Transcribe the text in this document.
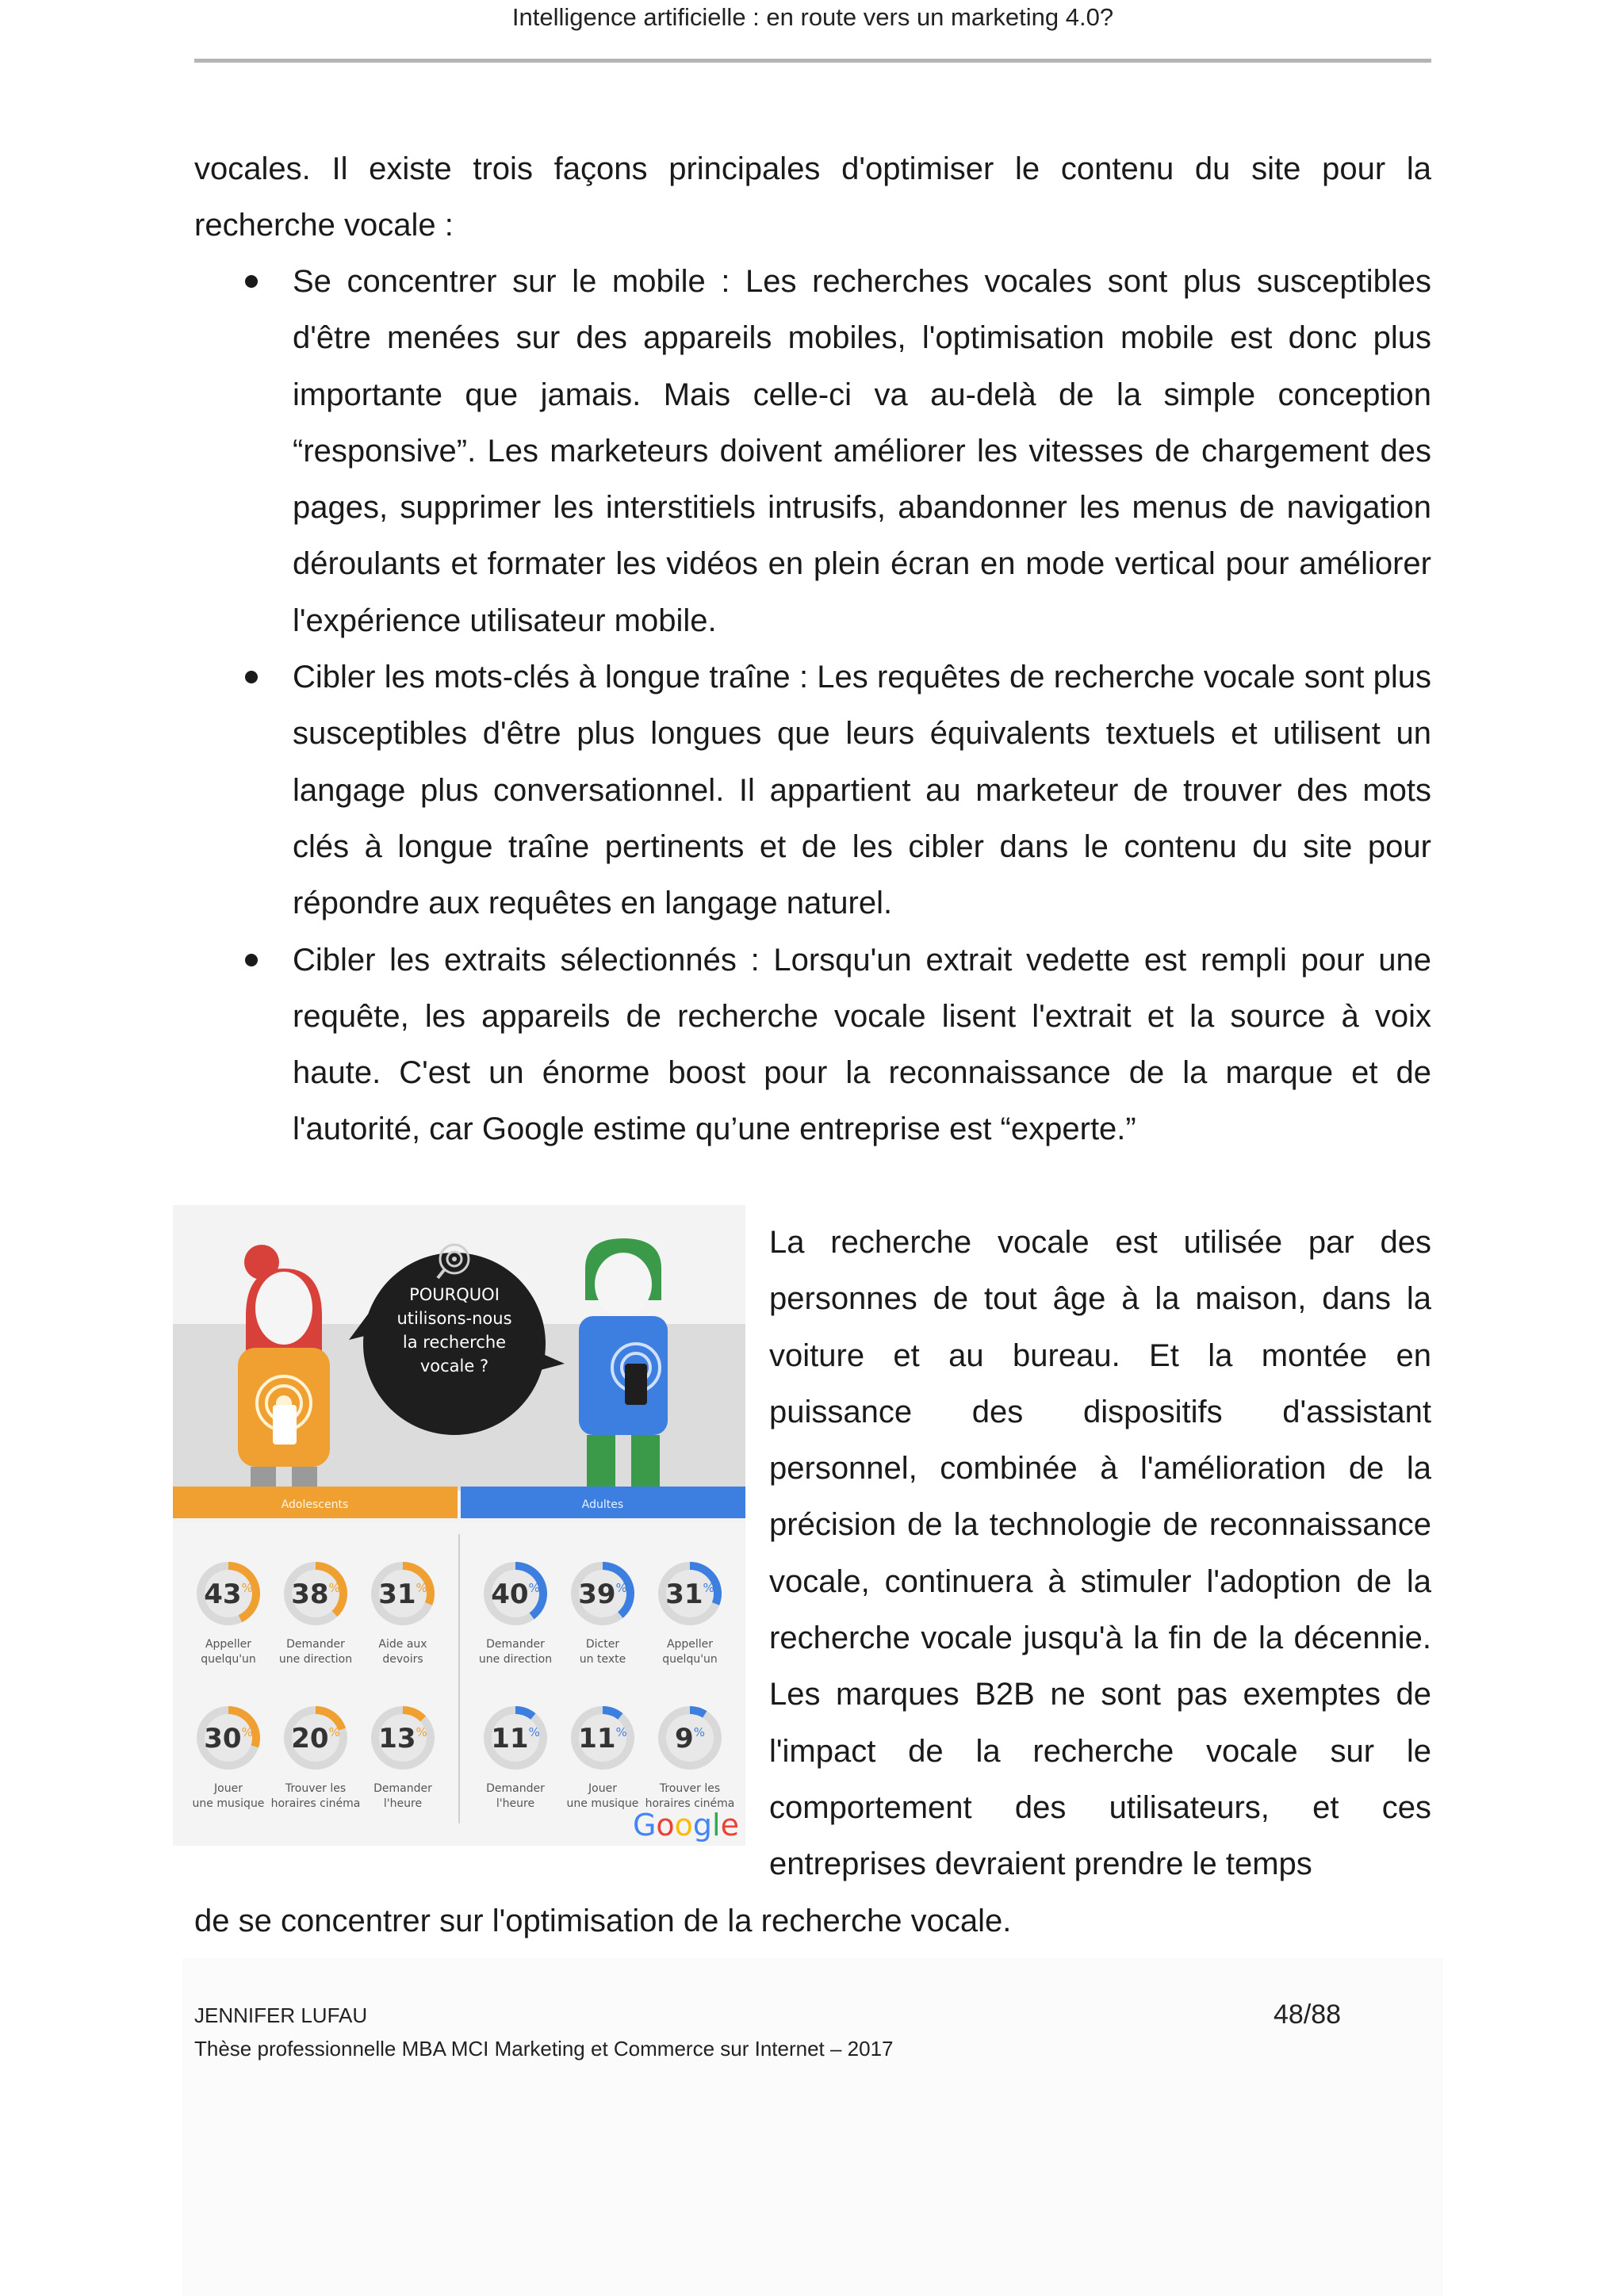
Intelligence artificielle : en route vers un marketing 4.0?

vocales. Il existe trois façons principales d'optimiser le contenu du site pour la recherche vocale :

Se concentrer sur le mobile : Les recherches vocales sont plus susceptibles d'être menées sur des appareils mobiles, l'optimisation mobile est donc plus importante que jamais. Mais celle-ci va au-delà de la simple conception “responsive”. Les marketeurs doivent améliorer les vitesses de chargement des pages, supprimer les interstitiels intrusifs, abandonner les menus de navigation déroulants et formater les vidéos en plein écran en mode vertical pour améliorer l'expérience utilisateur mobile.
Cibler les mots-clés à longue traîne : Les requêtes de recherche vocale sont plus susceptibles d'être plus longues que leurs équivalents textuels et utilisent un langage plus conversationnel. Il appartient au marketeur de trouver des mots clés à longue traîne pertinents et de les cibler dans le contenu du site pour répondre aux requêtes en langage naturel.
Cibler les extraits sélectionnés : Lorsqu'un extrait vedette est rempli pour une requête, les appareils de recherche vocale lisent l'extrait et la source à voix haute. C'est un énorme boost pour la reconnaissance de la marque et de l'autorité, car Google estime qu’une entreprise est “experte.”
POURQUOI utilisons-nous la recherche vocale ?
Adolescents	Adultes
43%
Appeller
quelqu'un
38%
Demander
une direction
31%
Aide aux
devoirs
30%
Jouer
une musique
20%
Trouver les
horaires cinéma
13%
Demander
l'heure
40%
Demander
une direction
39%
Dicter
un texte
31%
Appeller
quelqu'un
11%
Demander
l'heure
11%
Jouer
une musique
9%
Trouver les
horaires cinéma
Google

La recherche vocale est utilisée par des personnes de tout âge à la maison, dans la voiture et au bureau. Et la montée en puissance des dispositifs d'assistant personnel, combinée à l'amélioration de la précision de la technologie de reconnaissance vocale, continuera à stimuler l'adoption de la recherche vocale jusqu'à la fin de la décennie. Les marques B2B ne sont pas exemptes de l'impact de la recherche vocale sur le comportement des utilisateurs, et ces entreprises devraient prendre le temps

de se concentrer sur l'optimisation de la recherche vocale.

JENNIFER LUFAU
Thèse professionnelle MBA MCI Marketing et Commerce sur Internet – 2017
48/88
